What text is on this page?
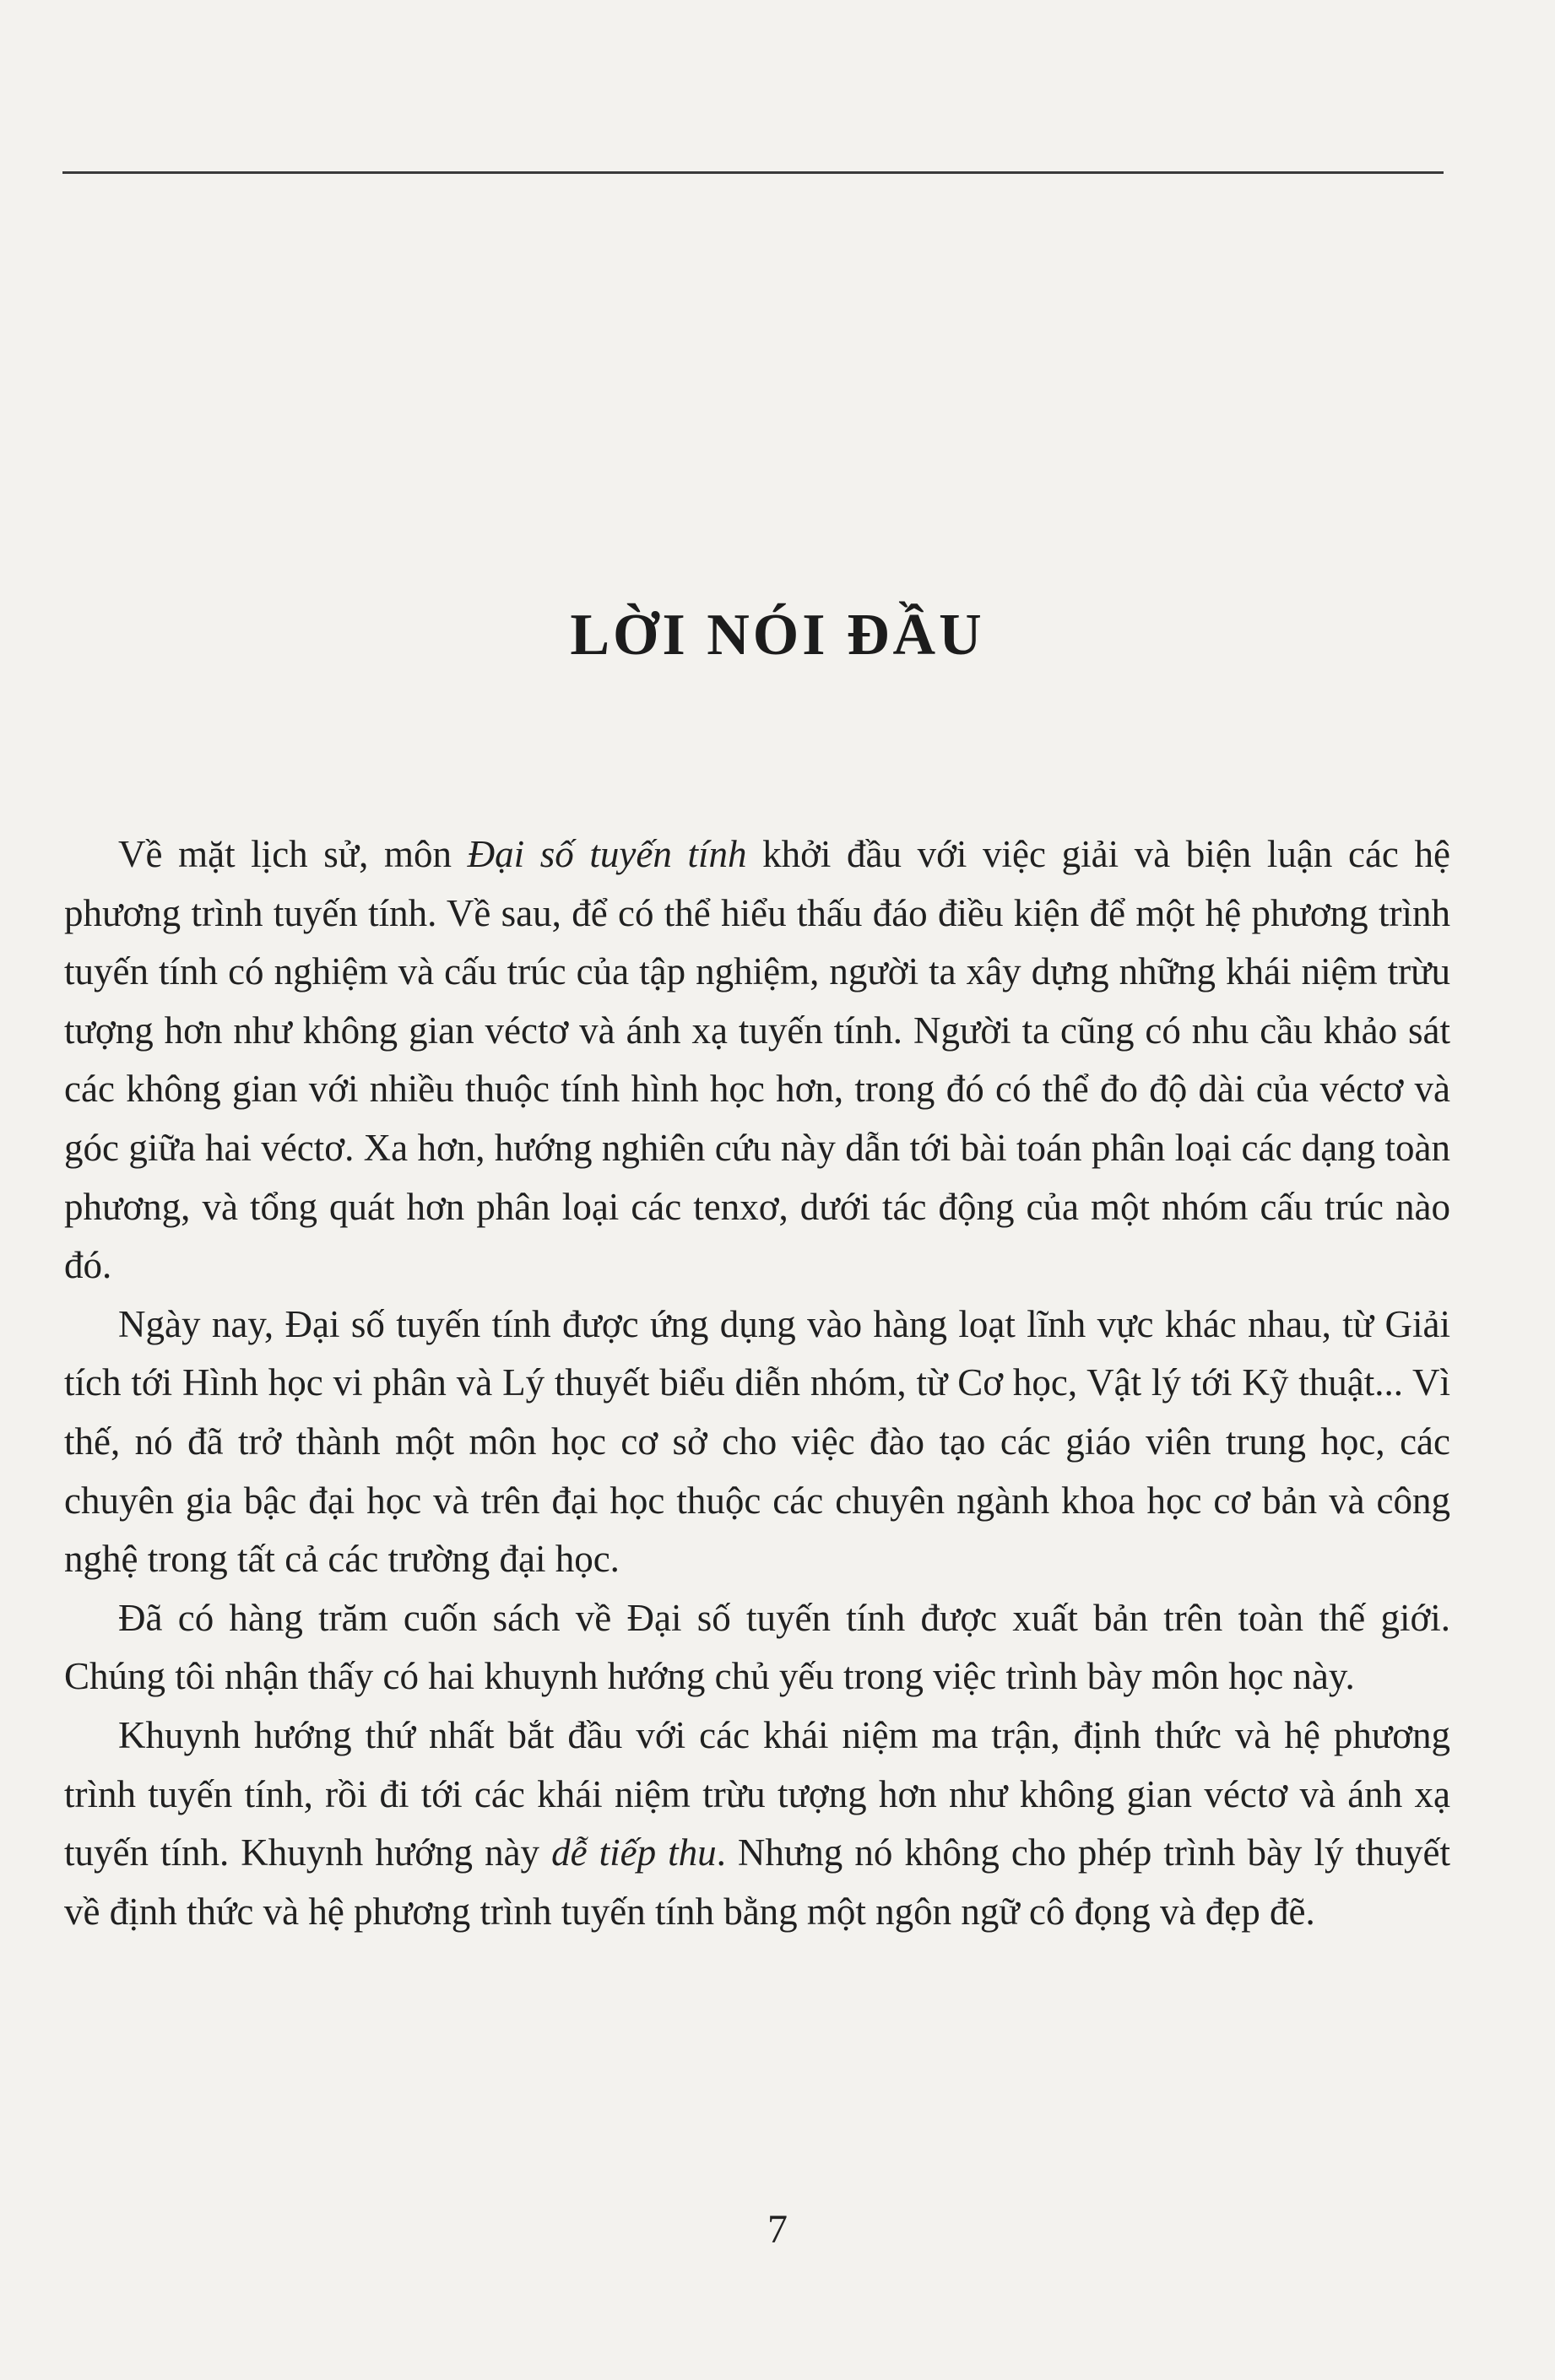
LỜI NÓI ĐẦU

Về mặt lịch sử, môn Đại số tuyến tính khởi đầu với việc giải và biện luận các hệ phương trình tuyến tính. Về sau, để có thể hiểu thấu đáo điều kiện để một hệ phương trình tuyến tính có nghiệm và cấu trúc của tập nghiệm, người ta xây dựng những khái niệm trừu tượng hơn như không gian véctơ và ánh xạ tuyến tính. Người ta cũng có nhu cầu khảo sát các không gian với nhiều thuộc tính hình học hơn, trong đó có thể đo độ dài của véctơ và góc giữa hai véctơ. Xa hơn, hướng nghiên cứu này dẫn tới bài toán phân loại các dạng toàn phương, và tổng quát hơn phân loại các tenxơ, dưới tác động của một nhóm cấu trúc nào đó.

Ngày nay, Đại số tuyến tính được ứng dụng vào hàng loạt lĩnh vực khác nhau, từ Giải tích tới Hình học vi phân và Lý thuyết biểu diễn nhóm, từ Cơ học, Vật lý tới Kỹ thuật... Vì thế, nó đã trở thành một môn học cơ sở cho việc đào tạo các giáo viên trung học, các chuyên gia bậc đại học và trên đại học thuộc các chuyên ngành khoa học cơ bản và công nghệ trong tất cả các trường đại học.

Đã có hàng trăm cuốn sách về Đại số tuyến tính được xuất bản trên toàn thế giới. Chúng tôi nhận thấy có hai khuynh hướng chủ yếu trong việc trình bày môn học này.

Khuynh hướng thứ nhất bắt đầu với các khái niệm ma trận, định thức và hệ phương trình tuyến tính, rồi đi tới các khái niệm trừu tượng hơn như không gian véctơ và ánh xạ tuyến tính. Khuynh hướng này dễ tiếp thu. Nhưng nó không cho phép trình bày lý thuyết về định thức và hệ phương trình tuyến tính bằng một ngôn ngữ cô đọng và đẹp đẽ.

7
